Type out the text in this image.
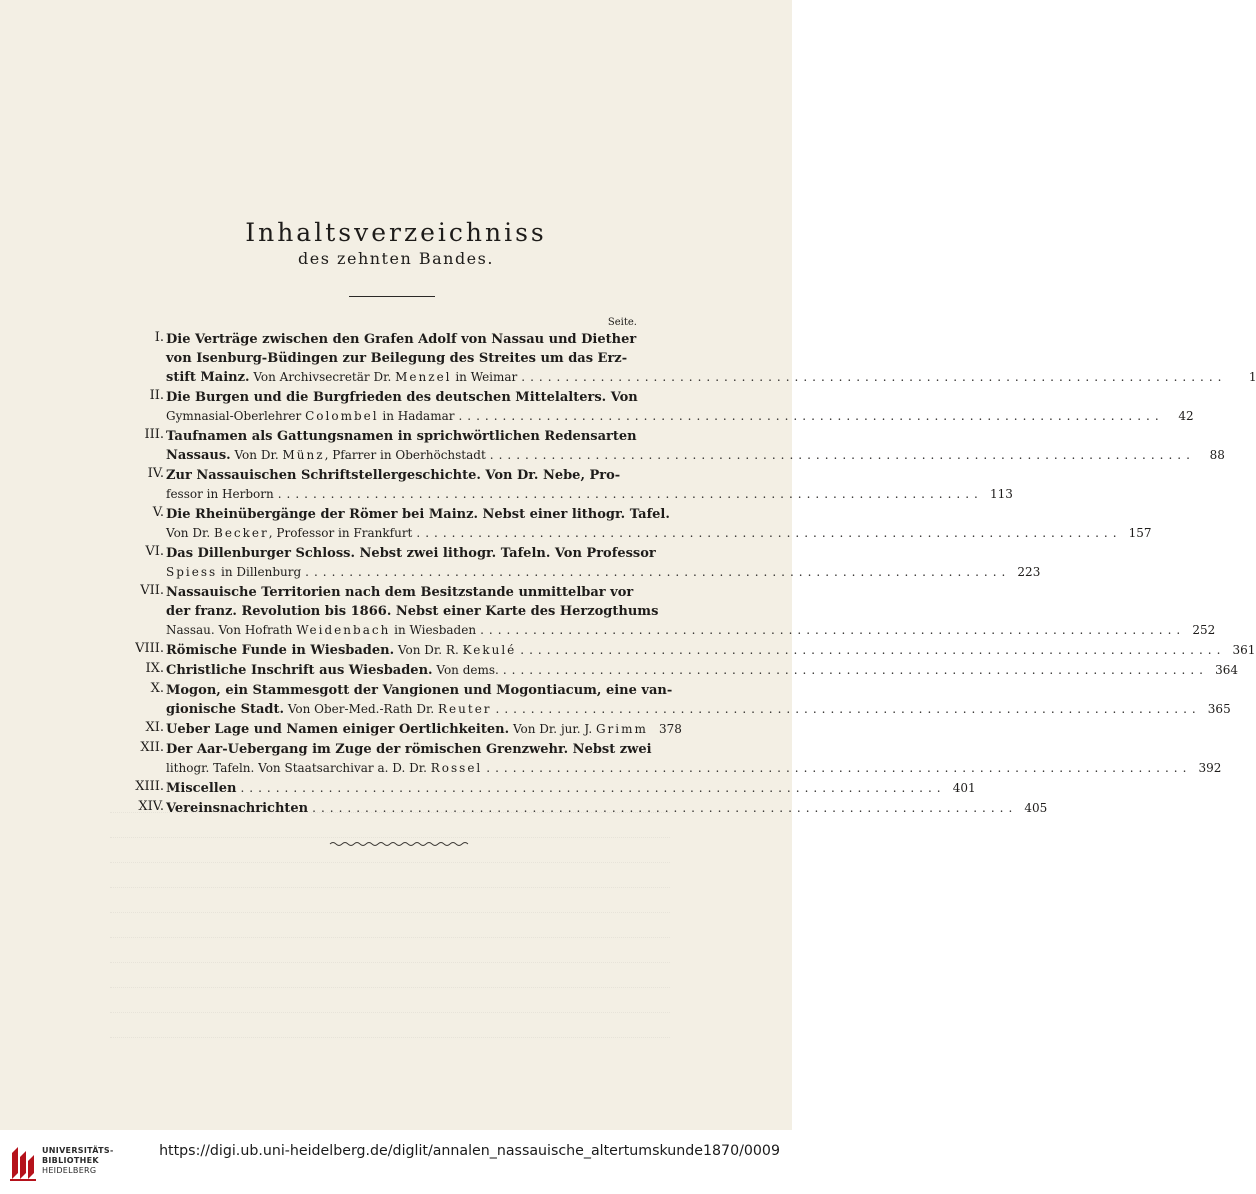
Inhaltsverzeichniss
des zehnten Bandes.
Seite.
I. Die Verträge zwischen den Grafen Adolf von Nassau und Diether
von Isenburg-Büdingen zur Beilegung des Streites um das Erz-
stift Mainz. Von Archivsecretär Dr. Menzel in Weimar ................................................................................	1
II. Die Burgen und die Burgfrieden des deutschen Mittelalters. Von
Gymnasial-Oberlehrer Colombel in Hadamar ................................................................................	42
III. Taufnamen als Gattungsnamen in sprichwörtlichen Redensarten
Nassaus. Von Dr. Münz, Pfarrer in Oberhöchstadt ................................................................................	88
IV. Zur Nassauischen Schriftstellergeschichte. Von Dr. Nebe, Pro-
fessor in Herborn ................................................................................ 113
V. Die Rheinübergänge der Römer bei Mainz. Nebst einer lithogr. Tafel.
Von Dr. Becker, Professor in Frankfurt ................................................................................ 157
VI. Das Dillenburger Schloss. Nebst zwei lithogr. Tafeln. Von Professor
Spiess in Dillenburg ................................................................................ 223
VII. Nassauische Territorien nach dem Besitzstande unmittelbar vor
der franz. Revolution bis 1866. Nebst einer Karte des Herzogthums
Nassau. Von Hofrath Weidenbach in Wiesbaden ................................................................................ 252
VIII. Römische Funde in Wiesbaden. Von Dr. R. Kekulé ................................................................................ 361
IX. Christliche Inschrift aus Wiesbaden. Von dems. ................................................................................ 364
X. Mogon, ein Stammesgott der Vangionen und Mogontiacum, eine van-
gionische Stadt. Von Ober-Med.-Rath Dr. Reuter ................................................................................ 365
XI. Ueber Lage und Namen einiger Oertlichkeiten. Von Dr. jur. J. Grimm 378
XII. Der Aar-Uebergang im Zuge der römischen Grenzwehr. Nebst zwei
lithogr. Tafeln. Von Staatsarchivar a. D. Dr. Rossel ................................................................................ 392
XIII. Miscellen ................................................................................ 401
XIV. Vereinsnachrichten ................................................................................ 405
UNIVERSITÄTS-
BIBLIOTHEK
HEIDELBERG
https://digi.ub.uni-heidelberg.de/diglit/annalen_nassauische_altertumskunde1870/0009
